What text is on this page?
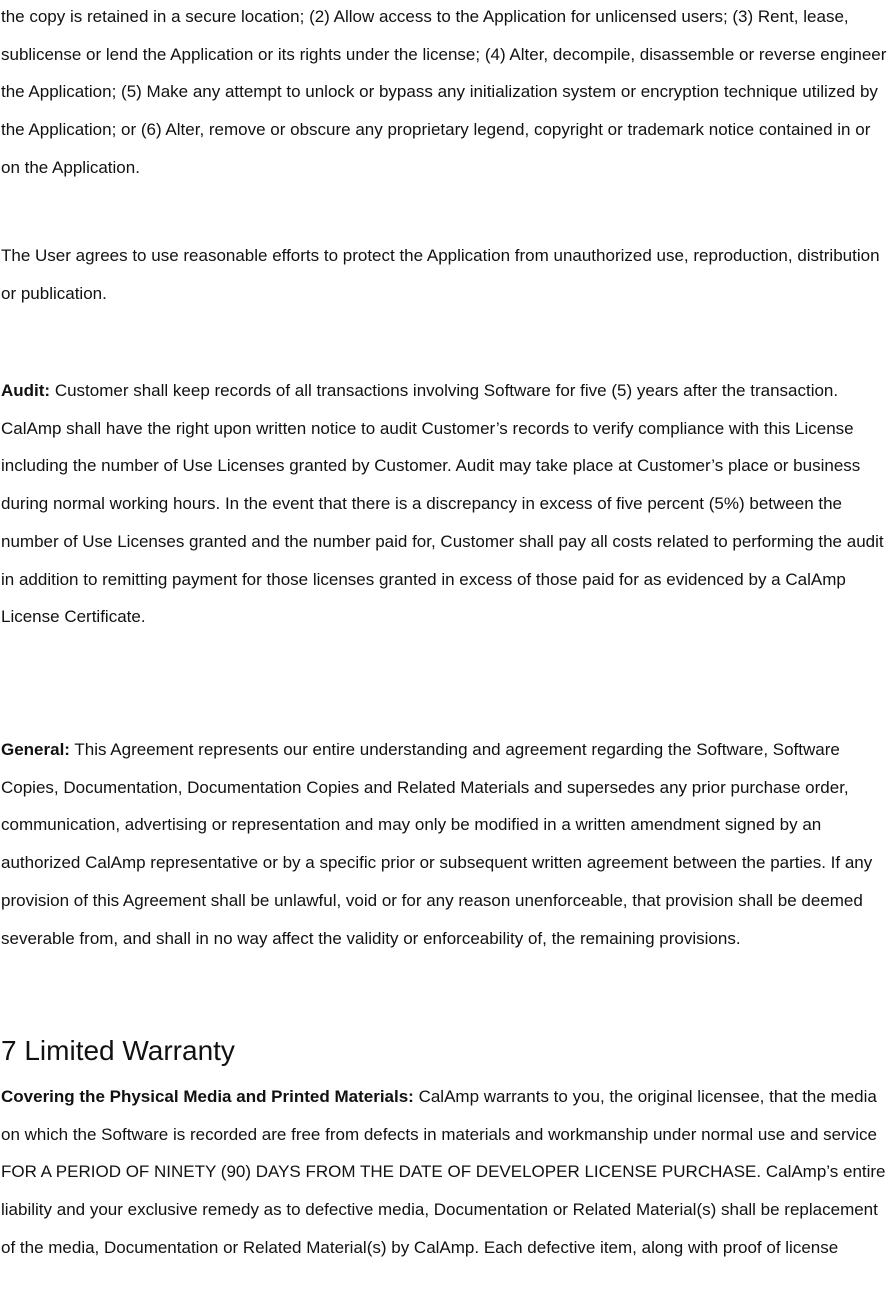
the copy is retained in a secure location; (2) Allow access to the Application for unlicensed users; (3) Rent, lease, sublicense or lend the Application or its rights under the license; (4) Alter, decompile, disassemble or reverse engineer the Application; (5) Make any attempt to unlock or bypass any initialization system or encryption technique utilized by the Application; or (6) Alter, remove or obscure any proprietary legend, copyright or trademark notice contained in or on the Application.

The User agrees to use reasonable efforts to protect the Application from unauthorized use, reproduction, distribution or publication.

Audit: Customer shall keep records of all transactions involving Software for five (5) years after the transaction. CalAmp shall have the right upon written notice to audit Customer’s records to verify compliance with this License including the number of Use Licenses granted by Customer. Audit may take place at Customer’s place or business during normal working hours. In the event that there is a discrepancy in excess of five percent (5%) between the number of Use Licenses granted and the number paid for, Customer shall pay all costs related to performing the audit in addition to remitting payment for those licenses granted in excess of those paid for as evidenced by a CalAmp License Certificate.

General: This Agreement represents our entire understanding and agreement regarding the Software, Software Copies, Documentation, Documentation Copies and Related Materials and supersedes any prior purchase order, communication, advertising or representation and may only be modified in a written amendment signed by an authorized CalAmp representative or by a specific prior or subsequent written agreement between the parties. If any provision of this Agreement shall be unlawful, void or for any reason unenforceable, that provision shall be deemed severable from, and shall in no way affect the validity or enforceability of, the remaining provisions.

7 Limited Warranty

Covering the Physical Media and Printed Materials: CalAmp warrants to you, the original licensee, that the media on which the Software is recorded are free from defects in materials and workmanship under normal use and service FOR A PERIOD OF NINETY (90) DAYS FROM THE DATE OF DEVELOPER LICENSE PURCHASE. CalAmp’s entire liability and your exclusive remedy as to defective media, Documentation or Related Material(s) shall be replacement of the media, Documentation or Related Material(s) by CalAmp. Each defective item, along with proof of license
